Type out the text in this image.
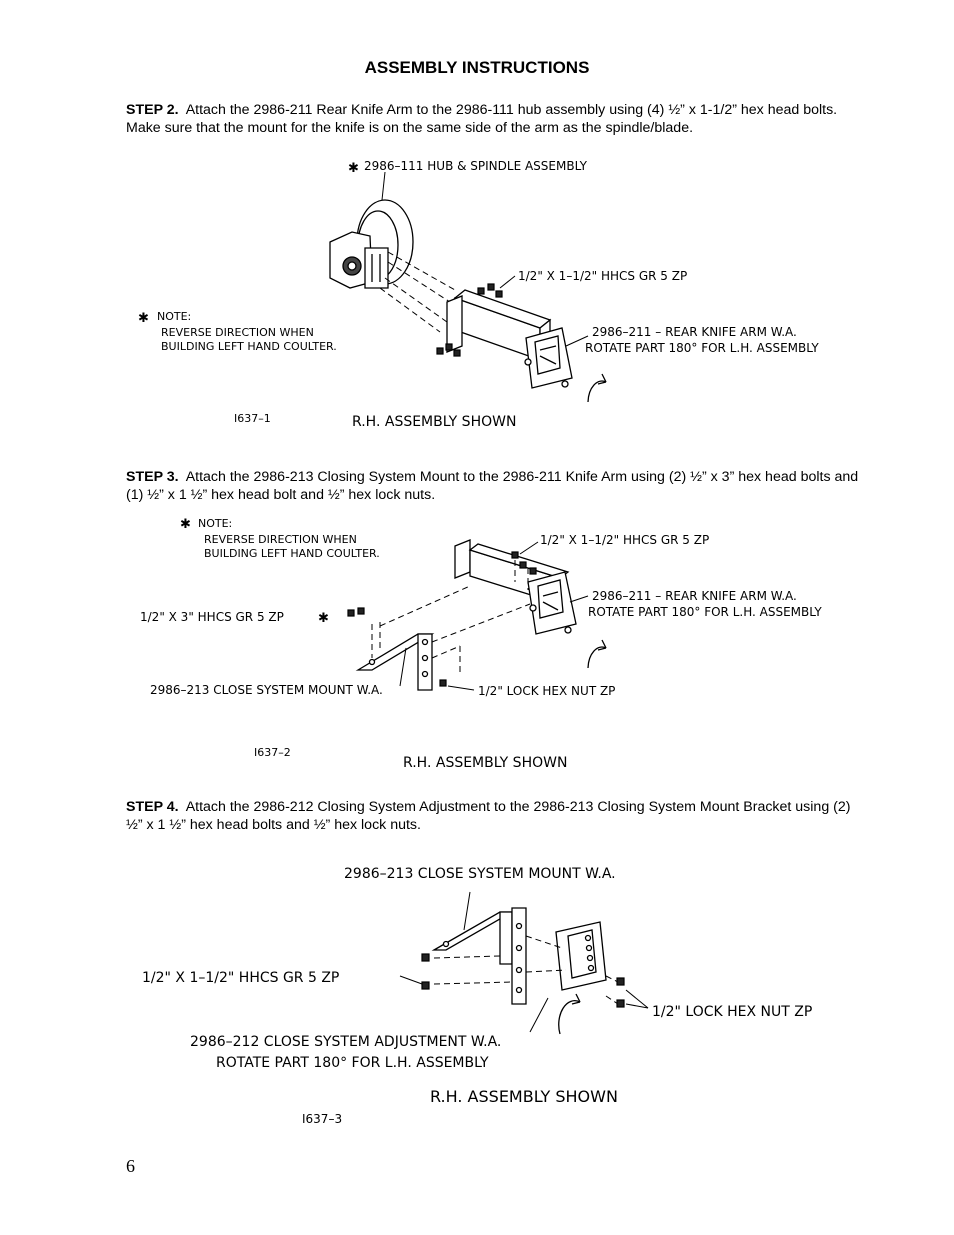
ASSEMBLY INSTRUCTIONS
STEP 2. Attach the 2986-211 Rear Knife Arm to the 2986-111 hub assembly using (4) ½” x 1-1/2” hex head bolts. Make sure that the mount for the knife is on the same side of the arm as the spindle/blade.
✱ 2986–111 HUB & SPINDLE ASSEMBLY
1/2" X 1–1/2" HHCS GR 5 ZP
✱ NOTE:
REVERSE DIRECTION WHEN
BUILDING LEFT HAND COULTER.
2986–211 – REAR KNIFE ARM W.A.
ROTATE PART 180° FOR L.H. ASSEMBLY
I637–1	R.H. ASSEMBLY SHOWN
STEP 3. Attach the 2986-213 Closing System Mount to the 2986-211 Knife Arm using (2) ½” x 3” hex head bolts and (1) ½” x 1 ½” hex head bolt and ½” hex lock nuts.
✱ NOTE:
REVERSE DIRECTION WHEN
BUILDING LEFT HAND COULTER.
1/2" X 1–1/2" HHCS GR 5 ZP
2986–211 – REAR KNIFE ARM W.A.
ROTATE PART 180° FOR L.H. ASSEMBLY
1/2" X 3" HHCS GR 5 ZP	✱
2986–213 CLOSE SYSTEM MOUNT W.A.	1/2" LOCK HEX NUT ZP
I637–2
R.H. ASSEMBLY SHOWN
STEP 4. Attach the 2986-212 Closing System Adjustment to the 2986-213 Closing System Mount Bracket using (2) ½” x 1 ½” hex head bolts and ½” hex lock nuts.
2986–213 CLOSE SYSTEM MOUNT W.A.
1/2" X 1–1/2" HHCS GR 5 ZP
1/2" LOCK HEX NUT ZP
2986–212 CLOSE SYSTEM ADJUSTMENT W.A.
ROTATE PART 180° FOR L.H. ASSEMBLY
R.H. ASSEMBLY SHOWN
I637–3
6
